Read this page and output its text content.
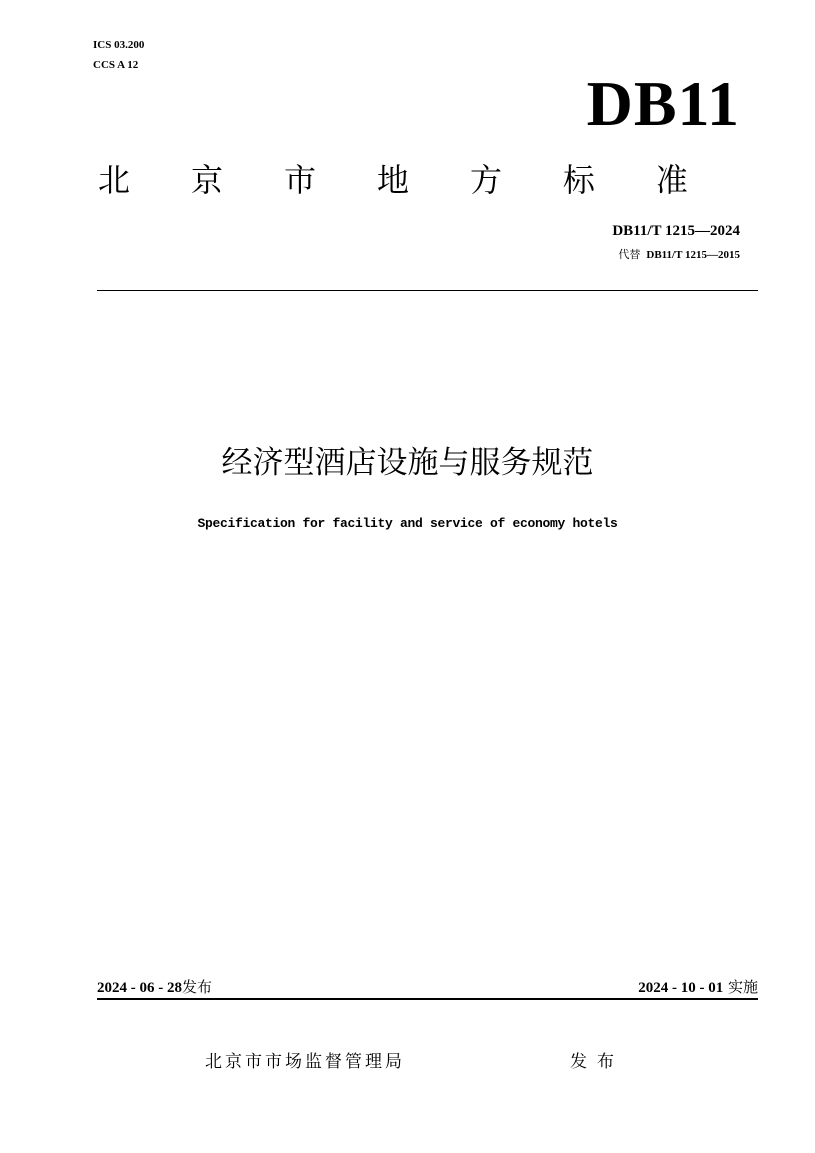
ICS 03.200
CCS A 12
DB11
北 京 市 地 方 标 准
DB11/T 1215—2024
代替 DB11/T 1215—2015
经济型酒店设施与服务规范
Specification for facility and service of economy hotels
2024 - 06 - 28发布	2024 - 10 - 01 实施
北京市市场监督管理局	发布
